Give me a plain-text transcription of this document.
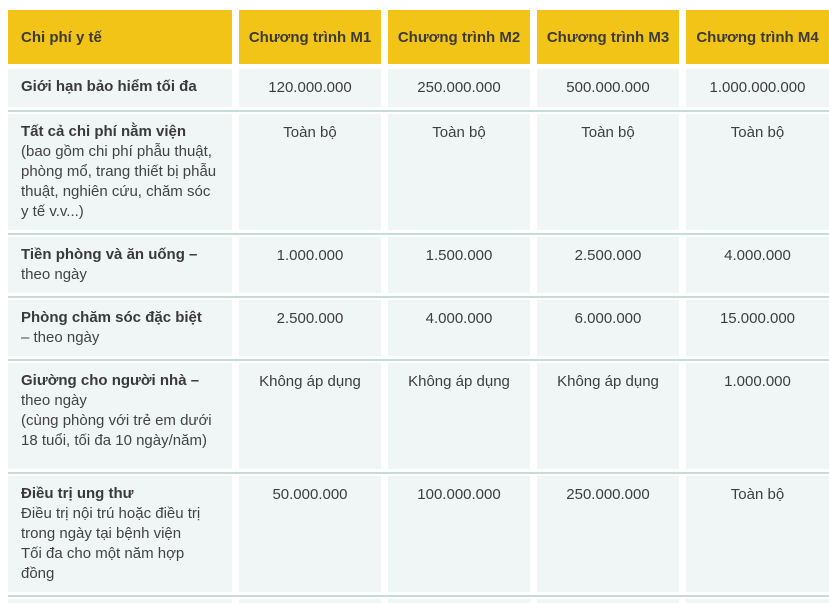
Chi phí y tế	Chương trình M1	Chương trình M2	Chương trình M3	Chương trình M4
Giới hạn bảo hiểm tối đa	120.000.000	250.000.000	500.000.000	1.000.000.000
Tất cả chi phí nằm viện
(bao gồm chi phí phẫu thuật, phòng mổ, trang thiết bị phẫu thuật, nghiên cứu, chăm sóc y tế v.v...)
Toàn bộ	Toàn bộ	Toàn bộ	Toàn bộ
Tiền phòng và ăn uống –
theo ngày
1.000.000	1.500.000	2.500.000	4.000.000
Phòng chăm sóc đặc biệt
– theo ngày
2.500.000	4.000.000	6.000.000	15.000.000
Giường cho người nhà –
theo ngày
(cùng phòng với trẻ em dưới 18 tuổi, tối đa 10 ngày/năm)
Không áp dụng	Không áp dụng	Không áp dụng	1.000.000
Điều trị ung thư
Điều trị nội trú hoặc điều trị trong ngày tại bệnh viện
Tối đa cho một năm hợp đồng
50.000.000	100.000.000	250.000.000	Toàn bộ
